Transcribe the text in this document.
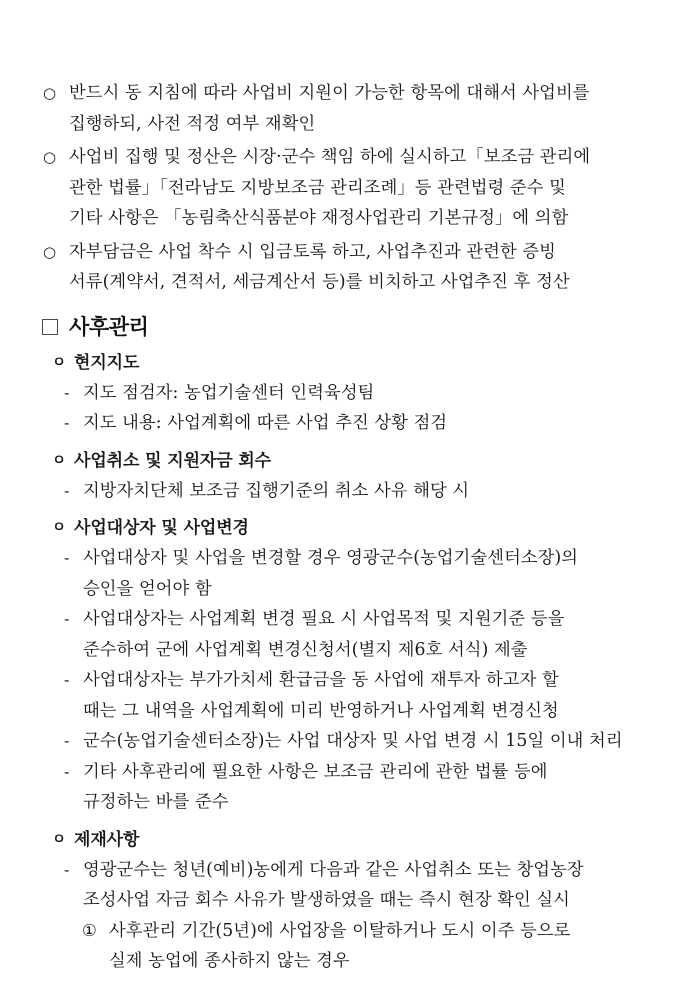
○ 반드시 동 지침에 따라 사업비 지원이 가능한 항목에 대해서 사업비를
집행하되, 사전 적정 여부 재확인
○ 사업비 집행 및 정산은 시장·군수 책임 하에 실시하고「보조금 관리에
관한 법률」「전라남도 지방보조금 관리조례」등 관련법령 준수 및
기타 사항은 「농림축산식품분야 재정사업관리 기본규정」에 의함
○ 자부담금은 사업 착수 시 입금토록 하고, 사업추진과 관련한 증빙
서류(계약서, 견적서, 세금계산서 등)를 비치하고 사업추진 후 정산
사후관리
ㅇ 현지지도
- 지도 점검자: 농업기술센터 인력육성팀
- 지도 내용: 사업계획에 따른 사업 추진 상황 점검
ㅇ 사업취소 및 지원자금 회수
- 지방자치단체 보조금 집행기준의 취소 사유 해당 시
ㅇ 사업대상자 및 사업변경
- 사업대상자 및 사업을 변경할 경우 영광군수(농업기술센터소장)의
승인을 얻어야 함
- 사업대상자는 사업계획 변경 필요 시 사업목적 및 지원기준 등을
준수하여 군에 사업계획 변경신청서(별지 제6호 서식) 제출
- 사업대상자는 부가가치세 환급금을 동 사업에 재투자 하고자 할
때는 그 내역을 사업계획에 미리 반영하거나 사업계획 변경신청
- 군수(농업기술센터소장)는 사업 대상자 및 사업 변경 시 15일 이내 처리
- 기타 사후관리에 필요한 사항은 보조금 관리에 관한 법률 등에
규정하는 바를 준수
ㅇ 제재사항
- 영광군수는 청년(예비)농에게 다음과 같은 사업취소 또는 창업농장
조성사업 자금 회수 사유가 발생하였을 때는 즉시 현장 확인 실시
① 사후관리 기간(5년)에 사업장을 이탈하거나 도시 이주 등으로
실제 농업에 종사하지 않는 경우
